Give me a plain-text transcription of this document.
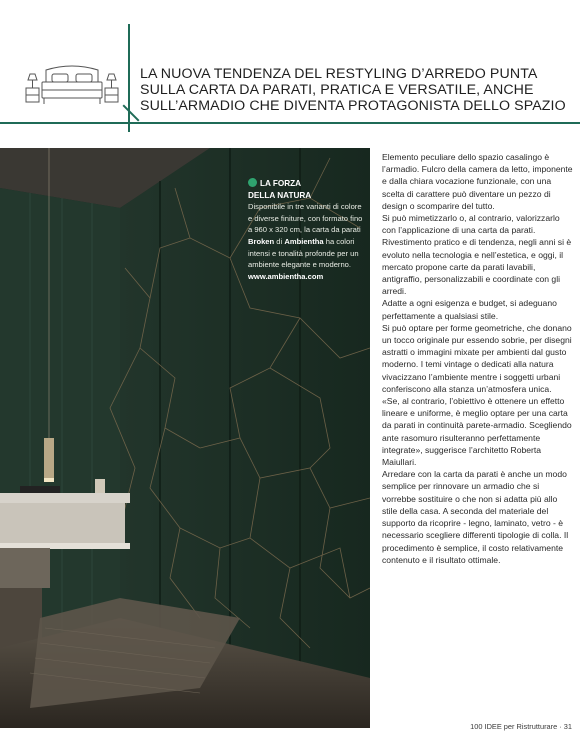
LA NUOVA TENDENZA DEL RESTYLING D’ARREDO PUNTA
SULLA CARTA DA PARATI, PRATICA E VERSATILE, ANCHE
SULL’ARMADIO CHE DIVENTA PROTAGONISTA DELLO SPAZIO
LA FORZA
DELLA NATURA
Disponibile in tre varianti di colore e diverse finiture, con formato fino a 960 x 320 cm, la carta da parati Broken di Ambientha ha colori intensi e tonalità profonde per un ambiente elegante e moderno.
www.ambientha.com

Elemento peculiare dello spazio casalingo è l’armadio. Fulcro della camera da letto, imponente e dalla chiara vocazione funzionale, con una scelta di carattere può diventare un pezzo di design o scomparire del tutto.

Si può mimetizzarlo o, al contrario, valorizzarlo con l’applicazione di una carta da parati.

Rivestimento pratico e di tendenza, negli anni si è evoluto nella tecnologia e nell’estetica, e oggi, il mercato propone carte da parati lavabili, antigraffio, personalizzabili e coordinate con gli arredi.

Adatte a ogni esigenza e budget, si adeguano perfettamente a qualsiasi stile.

Si può optare per forme geometriche, che donano un tocco originale pur essendo sobrie, per disegni astratti o immagini mixate per ambienti dal gusto moderno. I temi vintage o dedicati alla natura vivacizzano l’ambiente mentre i soggetti urbani conferiscono alla stanza un’atmosfera unica.

«Se, al contrario, l’obiettivo è ottenere un effetto lineare e uniforme, è meglio optare per una carta da parati in continuità parete-armadio. Scegliendo ante rasomuro risulteranno perfettamente integrate», suggerisce l’architetto Roberta Maiullari.

Arredare con la carta da parati è anche un modo semplice per rinnovare un armadio che si vorrebbe sostituire o che non si adatta più allo stile della casa. A seconda del materiale del supporto da ricoprire - legno, laminato, vetro - è necessario scegliere differenti tipologie di colla. Il procedimento è semplice, il costo relativamente contenuto e il risultato ottimale.

100 IDEE per Ristrutturare · 31
